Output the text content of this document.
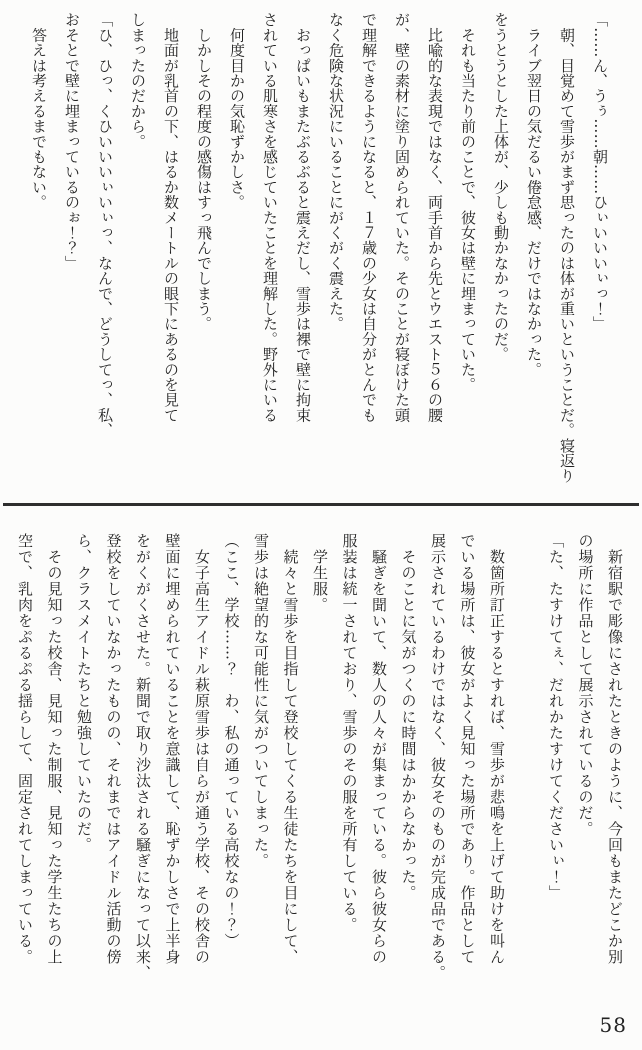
「……ん、うぅ……朝……ひぃいいいぃっ！」
　朝、目覚めて雪歩がまず思ったのは体が重いということだ。寝返り
　ライブ翌日の気だるい倦怠感、だけではなかった。
をうとうとした上体が、少しも動かなかったのだ。
　それも当たり前のことで、彼女は壁に埋まっていた。
　比喩的な表現ではなく、両手首から先とウエスト５６の腰
が、壁の素材に塗り固められていた。そのことが寝ぼけた頭
で理解できるようになると、１７歳の少女は自分がとんでも
なく危険な状況にいることにがくがく震えた。
　おっぱいもまたぶるぶると震えだし、雪歩は裸で壁に拘束
されている肌寒さを感じていたことを理解した。野外にいる
　何度目かの気恥ずかしさ。
　しかしその程度の感傷はすっ飛んでしまう。
　地面が乳首の下、はるか数メートルの眼下にあるのを見て
しまったのだから。
「ひ、ひっ、くひいいいぃいぃっ、なんで、どうしてっ、私、
おそとで壁に埋まっているのぉ！？」
　答えは考えるまでもない。
　新宿駅で彫像にされたときのように、今回もまたどこか別
の場所に作品として展示されているのだ。
「た、たすけてぇ、だれかたすけてくださいぃ！」

　数箇所訂正するとすれば、雪歩が悲鳴を上げて助けを叫ん
でいる場所は、彼女がよく見知った場所であり。作品として
展示されているわけではなく、彼女そのものが完成品である。
　そのことに気がつくのに時間はかからなかった。
　騒ぎを聞いて、数人の人々が集まっている。彼ら彼女らの
服装は統一されており、雪歩のその服を所有している。
　学生服。
　続々と雪歩を目指して登校してくる生徒たちを目にして、
雪歩は絶望的な可能性に気がついてしまった。
（ここ、学校……？　わ、私の通っている高校なの！？）
　女子高生アイドル萩原雪歩は自らが通う学校、その校舎の
壁面に埋められていることを意識して、恥ずかしさで上半身
をがくがくさせた。新聞で取り沙汰される騒ぎになって以来、
登校をしていなかったものの、それまではアイドル活動の傍
ら、クラスメイトたちと勉強していたのだ。
　その見知った校舎、見知った制服、見知った学生たちの上
空で、乳肉をぷるぷる揺らして、固定されてしまっている。
58
